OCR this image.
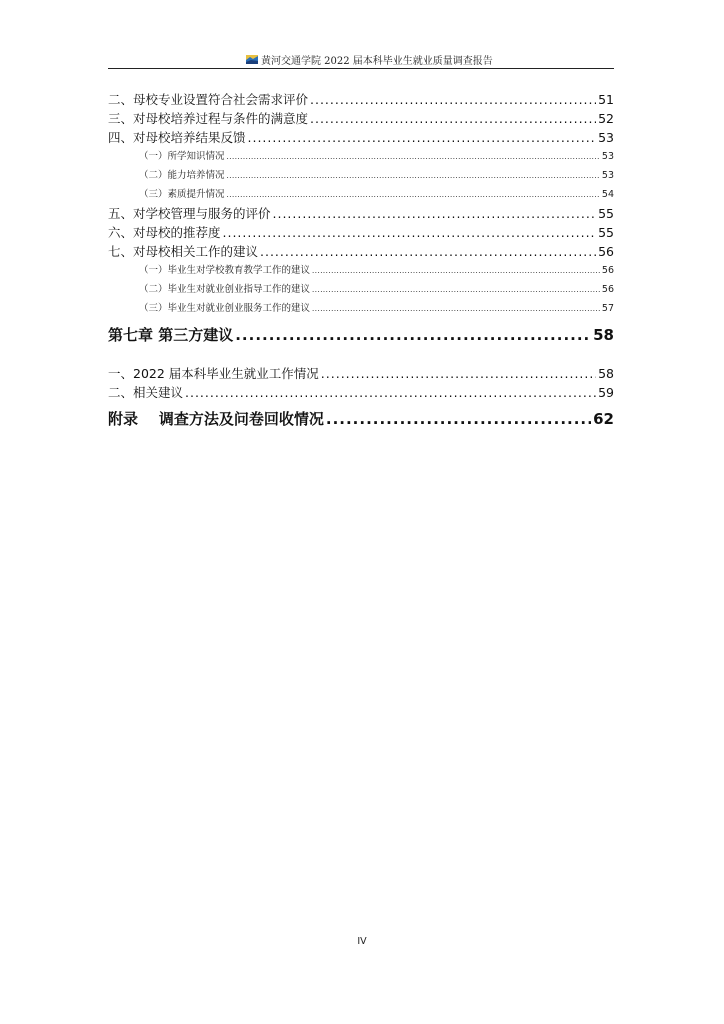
黄河交通学院 2022 届本科毕业生就业质量调查报告
二、母校专业设置符合社会需求评价 .....	51
三、对母校培养过程与条件的满意度 .....	52
四、对母校培养结果反馈 .....	53
（一）所学知识情况 .....	53
（二）能力培养情况 .....	53
（三）素质提升情况 .....	54
五、对学校管理与服务的评价 .....	55
六、对母校的推荐度 .....	55
七、对母校相关工作的建议 .....	56
（一）毕业生对学校教育教学工作的建议 .....	56
（二）毕业生对就业创业指导工作的建议 .....	56
（三）毕业生对就业创业服务工作的建议 .....	57
第七章 第三方建议 .....	58
一、2022 届本科毕业生就业工作情况 .....	58
二、相关建议 .....	59
附录    调查方法及问卷回收情况 .....	62
IV
